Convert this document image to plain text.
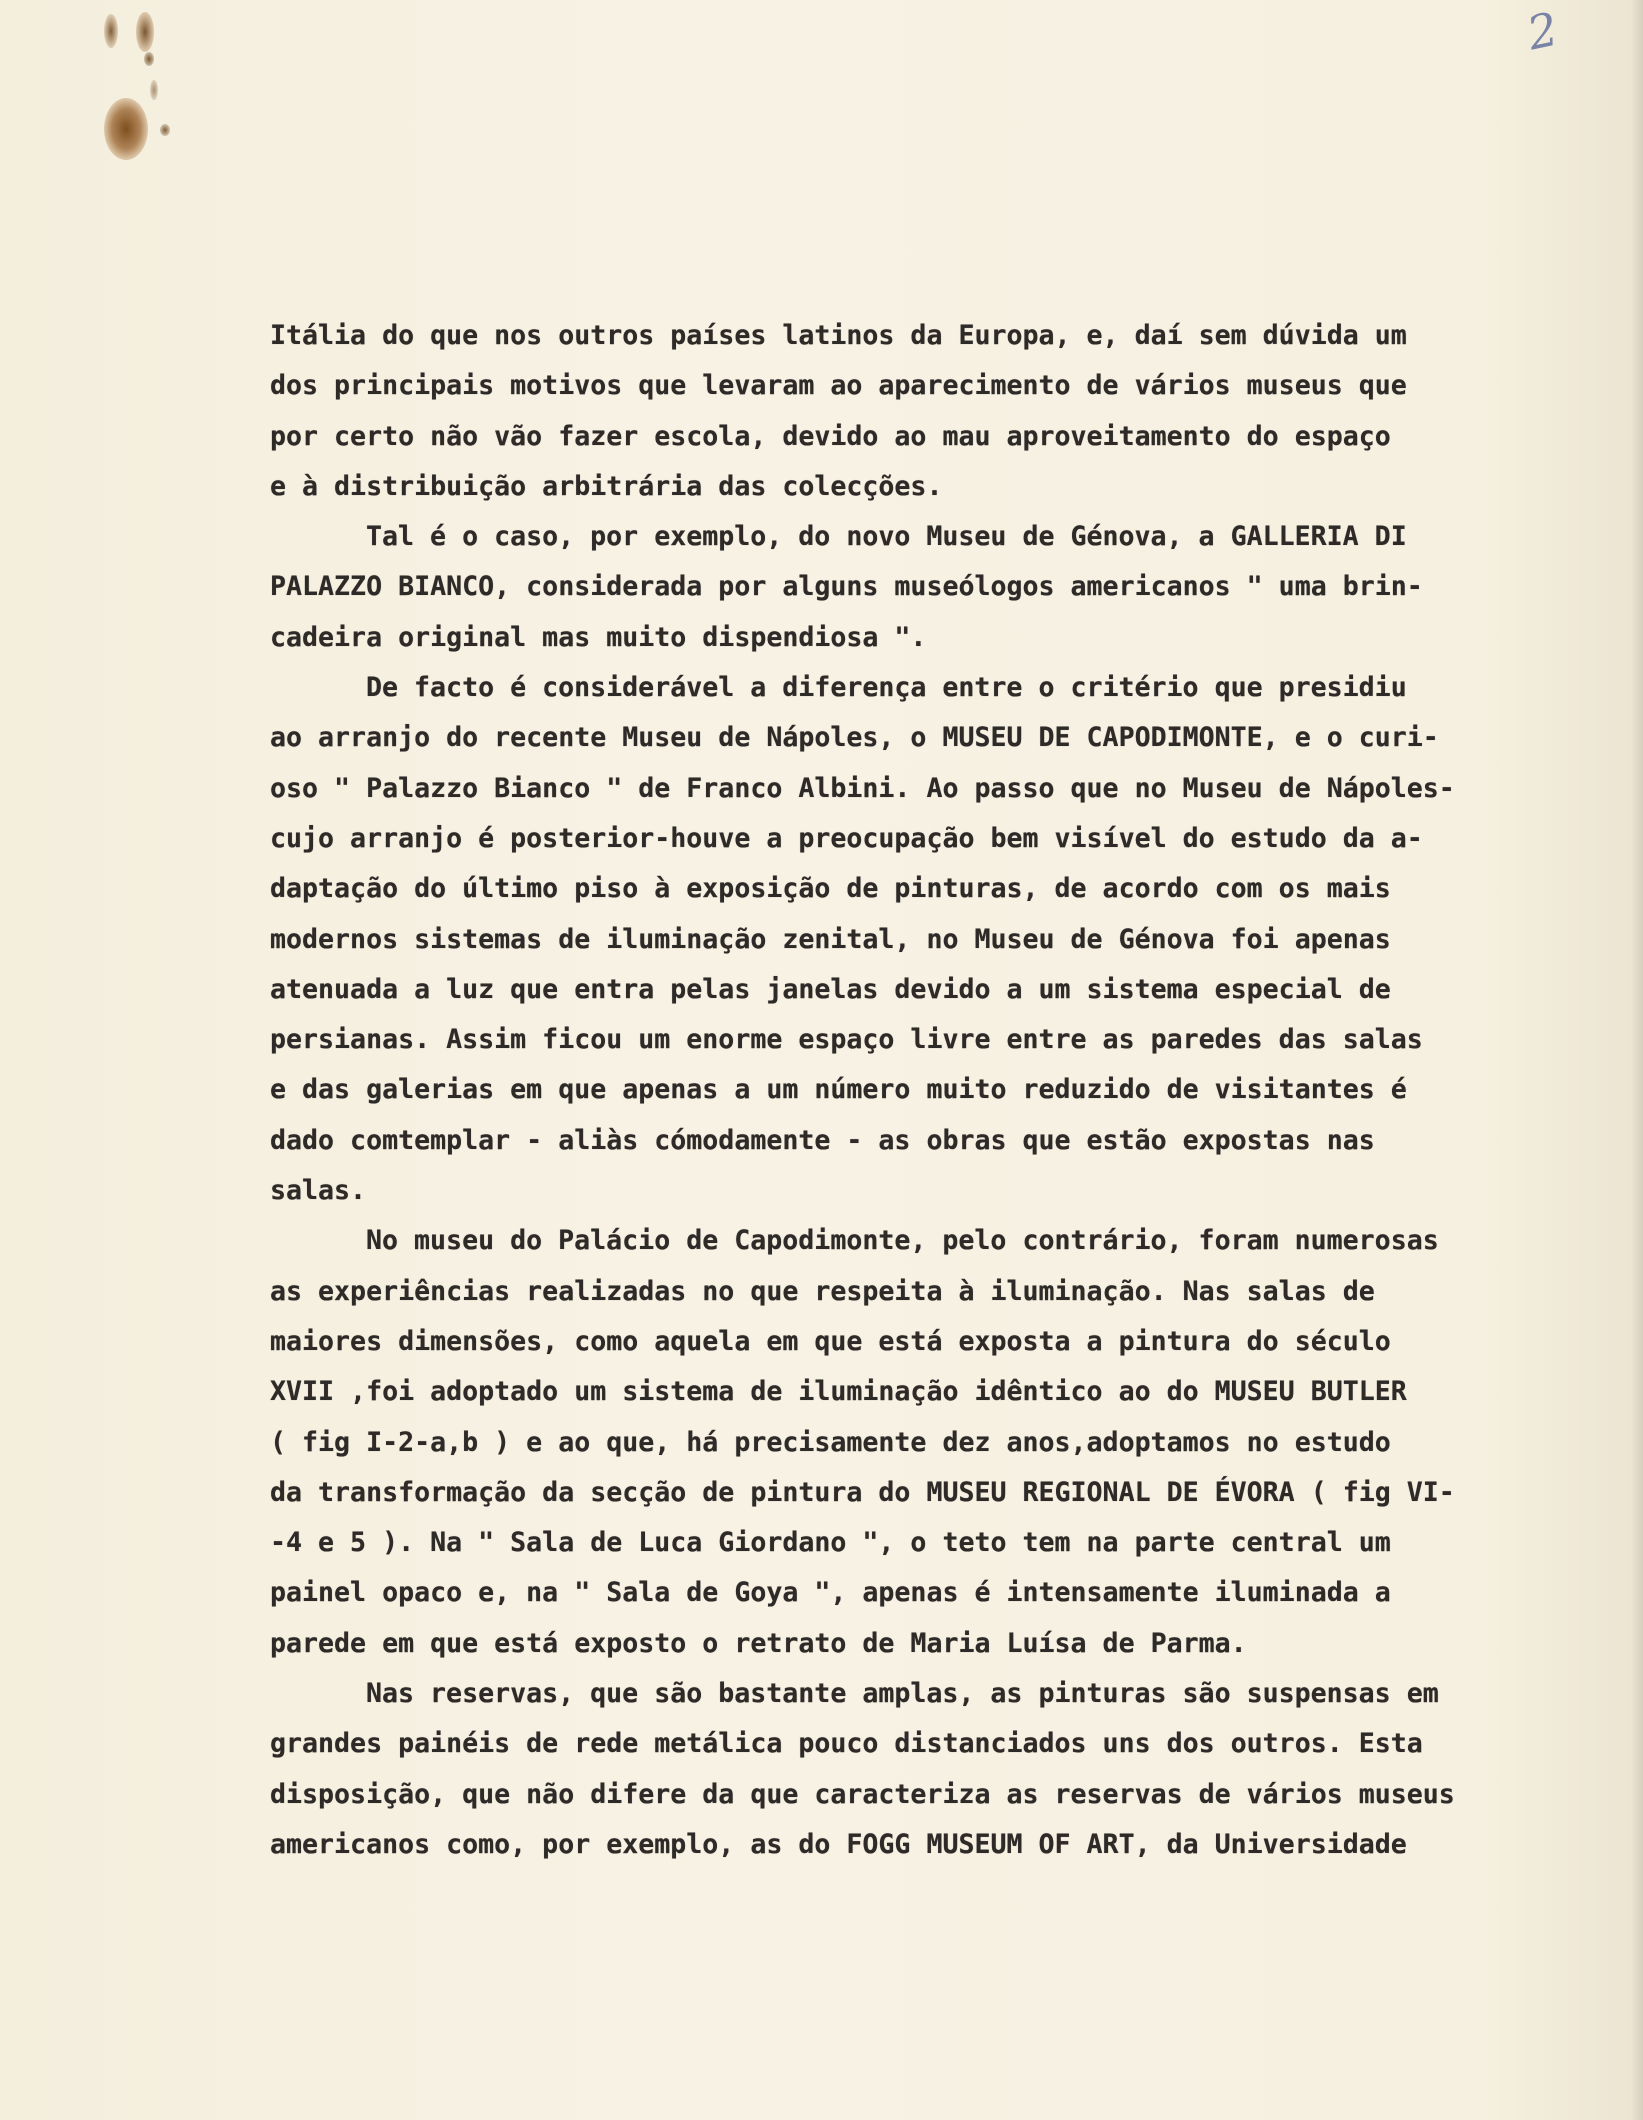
2
Itália do que nos outros países latinos da Europa, e, daí sem dúvida um
dos principais motivos que levaram ao aparecimento de vários museus que
por certo não vão fazer escola, devido ao mau aproveitamento do espaço
e à distribuição arbitrária das colecções.
Tal é o caso, por exemplo, do novo Museu de Génova, a GALLERIA DI
PALAZZO BIANCO, considerada por alguns museólogos americanos " uma brin-
cadeira original mas muito dispendiosa ".
De facto é considerável a diferença entre o critério que presidiu
ao arranjo do recente Museu de Nápoles, o MUSEU DE CAPODIMONTE, e o curi-
oso " Palazzo Bianco " de Franco Albini. Ao passo que no Museu de Nápoles-
cujo arranjo é posterior-houve a preocupação bem visível do estudo da a-
daptação do último piso à exposição de pinturas, de acordo com os mais
modernos sistemas de iluminação zenital, no Museu de Génova foi apenas
atenuada a luz que entra pelas janelas devido a um sistema especial de
persianas. Assim ficou um enorme espaço livre entre as paredes das salas
e das galerias em que apenas a um número muito reduzido de visitantes é
dado comtemplar - aliàs cómodamente - as obras que estão expostas nas
salas.
No museu do Palácio de Capodimonte, pelo contrário, foram numerosas
as experiências realizadas no que respeita à iluminação. Nas salas de
maiores dimensões, como aquela em que está exposta a pintura do século
XVII ,foi adoptado um sistema de iluminação idêntico ao do MUSEU BUTLER
( fig I-2-a,b ) e ao que, há precisamente dez anos,adoptamos no estudo
da transformação da secção de pintura do MUSEU REGIONAL DE ÉVORA ( fig VI-
-4 e 5 ). Na " Sala de Luca Giordano ", o teto tem na parte central um
painel opaco e, na " Sala de Goya ", apenas é intensamente iluminada a
parede em que está exposto o retrato de Maria Luísa de Parma.
Nas reservas, que são bastante amplas, as pinturas são suspensas em
grandes painéis de rede metálica pouco distanciados uns dos outros. Esta
disposição, que não difere da que caracteriza as reservas de vários museus
americanos como, por exemplo, as do FOGG MUSEUM OF ART, da Universidade
